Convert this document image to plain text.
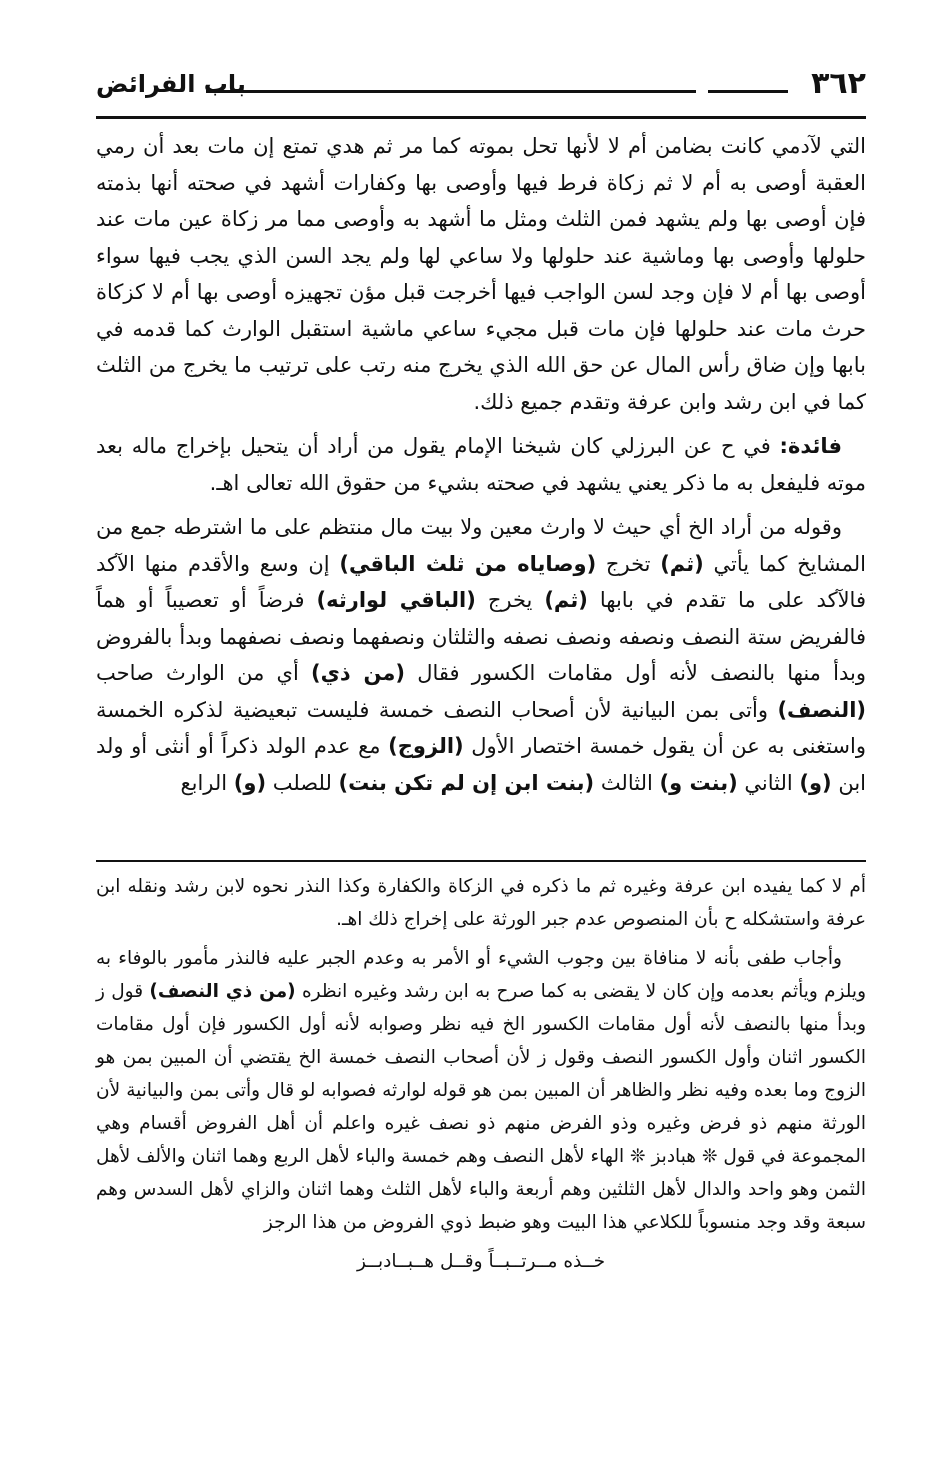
٣٦٢
باب الفرائض

التي لآدمي كانت بضامن أم لا لأنها تحل بموته كما مر ثم هدي تمتع إن مات بعد أن رمي العقبة أوصى به أم لا ثم زكاة فرط فيها وأوصى بها وكفارات أشهد في صحته أنها بذمته فإن أوصى بها ولم يشهد فمن الثلث ومثل ما أشهد به وأوصى مما مر زكاة عين مات عند حلولها وأوصى بها وماشية عند حلولها ولا ساعي لها ولم يجد السن الذي يجب فيها سواء أوصى بها أم لا فإن وجد لسن الواجب فيها أخرجت قبل مؤن تجهيزه أوصى بها أم لا كزكاة حرث مات عند حلولها فإن مات قبل مجيء ساعي ماشية استقبل الوارث كما قدمه في بابها وإن ضاق رأس المال عن حق الله الذي يخرج منه رتب على ترتيب ما يخرج من الثلث كما في ابن رشد وابن عرفة وتقدم جميع ذلك.

فائدة: في ح عن البرزلي كان شيخنا الإمام يقول من أراد أن يتحيل بإخراج ماله بعد موته فليفعل به ما ذكر يعني يشهد في صحته بشيء من حقوق الله تعالى اهـ.

وقوله من أراد الخ أي حيث لا وارث معين ولا بيت مال منتظم على ما اشترطه جمع من المشايخ كما يأتي (ثم) تخرج (وصاياه من ثلث الباقي) إن وسع والأقدم منها الآكد فالآكد على ما تقدم في بابها (ثم) يخرج (الباقي لوارثه) فرضاً أو تعصيباً أو هماً فالفريض ستة النصف ونصفه ونصف نصفه والثلثان ونصفهما ونصف نصفهما وبدأ بالفروض وبدأ منها بالنصف لأنه أول مقامات الكسور فقال (من ذي) أي من الوارث صاحب (النصف) وأتى بمن البيانية لأن أصحاب النصف خمسة فليست تبعيضية لذكره الخمسة واستغنى به عن أن يقول خمسة اختصار الأول (الزوج) مع عدم الولد ذكراً أو أنثى أو ولد ابن (و) الثاني (بنت و) الثالث (بنت ابن إن لم تكن بنت) للصلب (و) الرابع

أم لا كما يفيده ابن عرفة وغيره ثم ما ذكره في الزكاة والكفارة وكذا النذر نحوه لابن رشد ونقله ابن عرفة واستشكله ح بأن المنصوص عدم جبر الورثة على إخراج ذلك اهـ.

وأجاب طفى بأنه لا منافاة بين وجوب الشيء أو الأمر به وعدم الجبر عليه فالنذر مأمور بالوفاء به ويلزم ويأثم بعدمه وإن كان لا يقضى به كما صرح به ابن رشد وغيره انظره (من ذي النصف) قول ز وبدأ منها بالنصف لأنه أول مقامات الكسور الخ فيه نظر وصوابه لأنه أول الكسور فإن أول مقامات الكسور اثنان وأول الكسور النصف وقول ز لأن أصحاب النصف خمسة الخ يقتضي أن المبين بمن هو الزوج وما بعده وفيه نظر والظاهر أن المبين بمن هو قوله لوارثه فصوابه لو قال وأتى بمن والبيانية لأن الورثة منهم ذو فرض وغيره وذو الفرض منهم ذو نصف غيره واعلم أن أهل الفروض أقسام وهي المجموعة في قول ❊ هبادبز ❊ الهاء لأهل النصف وهم خمسة والباء لأهل الربع وهما اثنان والألف لأهل الثمن وهو واحد والدال لأهل الثلثين وهم أربعة والباء لأهل الثلث وهما اثنان والزاي لأهل السدس وهم سبعة وقد وجد منسوباً للكلاعي هذا البيت وهو ضبط ذوي الفروض من هذا الرجز

خــذه مــرتــبــاً وقــل هــبــادبــز
